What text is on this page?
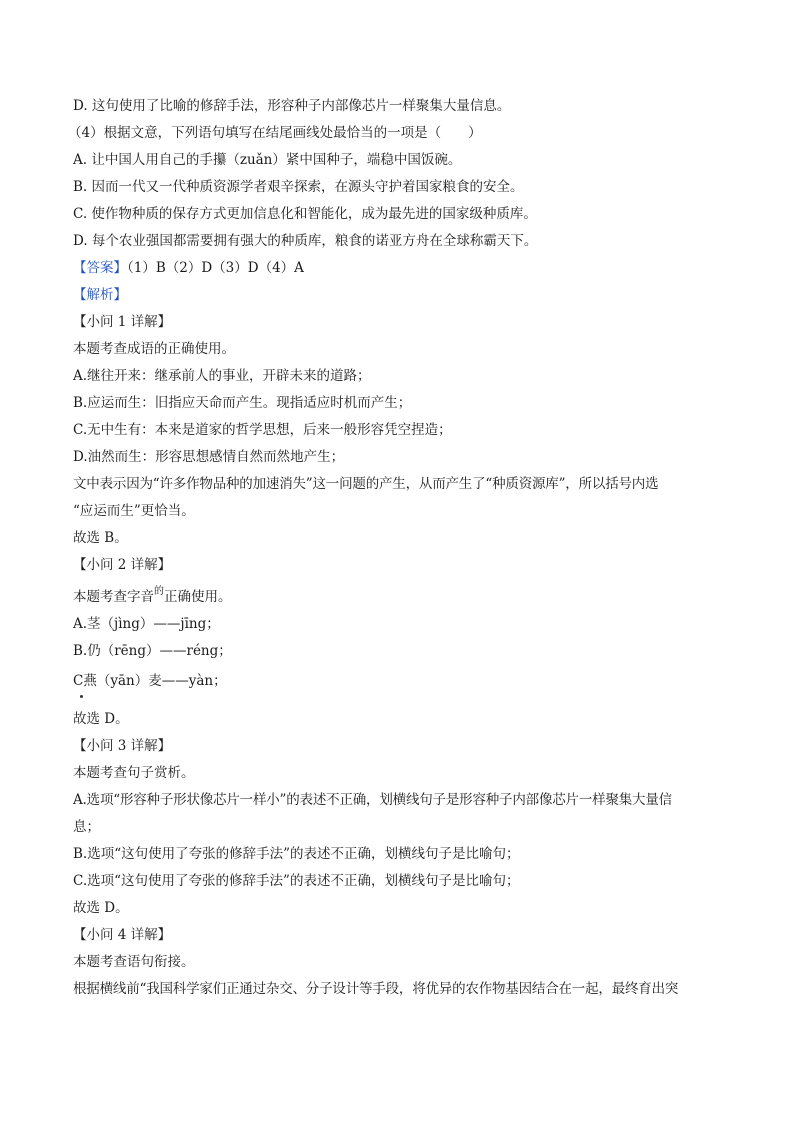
D. 这句使用了比喻的修辞手法，形容种子内部像芯片一样聚集大量信息。
（4）根据文意，下列语句填写在结尾画线处最恰当的一项是（　　）
A. 让中国人用自己的手攥（zuǎn）紧中国种子，端稳中国饭碗。
B. 因而一代又一代种质资源学者艰辛探索，在源头守护着国家粮食的安全。
C. 使作物种质的保存方式更加信息化和智能化，成为最先进的国家级种质库。
D. 每个农业强国都需要拥有强大的种质库，粮食的诺亚方舟在全球称霸天下。
【答案】（1）B（2）D（3）D（4）A
【解析】
【小问 1 详解】
本题考查成语的正确使用。
A.继往开来：继承前人的事业，开辟未来的道路；
B.应运而生：旧指应天命而产生。现指适应时机而产生；
C.无中生有：本来是道家的哲学思想，后来一般形容凭空捏造；
D.油然而生：形容思想感情自然而然地产生；
文中表示因为“许多作物品种的加速消失”这一问题的产生，从而产生了“种质资源库”，所以括号内选
“应运而生”更恰当。
故选 B。
【小问 2 详解】
本题考查字音$^的$正确使用。
A.茎（jìng）——jīng；
B.仍（rēng）——réng；
C燕（yān）麦——yàn；
故选 D。
【小问 3 详解】
本题考查句子赏析。
A.选项“形容种子形状像芯片一样小”的表述不正确，划横线句子是形容种子内部像芯片一样聚集大量信
息；
B.选项“这句使用了夸张的修辞手法”的表述不正确，划横线句子是比喻句；
C.选项“这句使用了夸张的修辞手法”的表述不正确，划横线句子是比喻句；
故选 D。
【小问 4 详解】
本题考查语句衔接。
根据横线前“我国科学家们正通过杂交、分子设计等手段，将优异的农作物基因结合在一起，最终育出突
